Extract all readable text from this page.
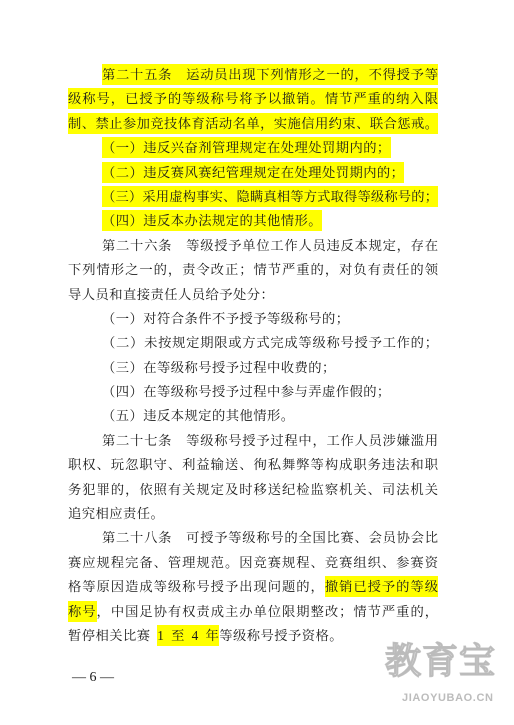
第二十五条　运动员出现下列情形之一的，不得授予等
级称号，已授予的等级称号将予以撤销。情节严重的纳入限
制、禁止参加竞技体育活动名单，实施信用约束、联合惩戒。
（一）违反兴奋剂管理规定在处理处罚期内的；
（二）违反赛风赛纪管理规定在处理处罚期内的；
（三）采用虚构事实、隐瞒真相等方式取得等级称号的；
（四）违反本办法规定的其他情形。
第二十六条　等级授予单位工作人员违反本规定，存在
下列情形之一的，责令改正；情节严重的，对负有责任的领
导人员和直接责任人员给予处分：
（一）对符合条件不予授予等级称号的；
（二）未按规定期限或方式完成等级称号授予工作的；
（三）在等级称号授予过程中收费的；
（四）在等级称号授予过程中参与弄虚作假的；
（五）违反本规定的其他情形。
第二十七条　等级称号授予过程中，工作人员涉嫌滥用
职权、玩忽职守、利益输送、徇私舞弊等构成职务违法和职
务犯罪的，依照有关规定及时移送纪检监察机关、司法机关
追究相应责任。
第二十八条　可授予等级称号的全国比赛、会员协会比
赛应规程完备、管理规范。因竞赛规程、竞赛组织、参赛资
格等原因造成等级称号授予出现问题的，撤销已授予的等级
称号，中国足协有权责成主办单位限期整改；情节严重的，
暂停相关比赛 1 至 4 年等级称号授予资格。
— 6 —	教育宝
JIAOYUBAO.CN
